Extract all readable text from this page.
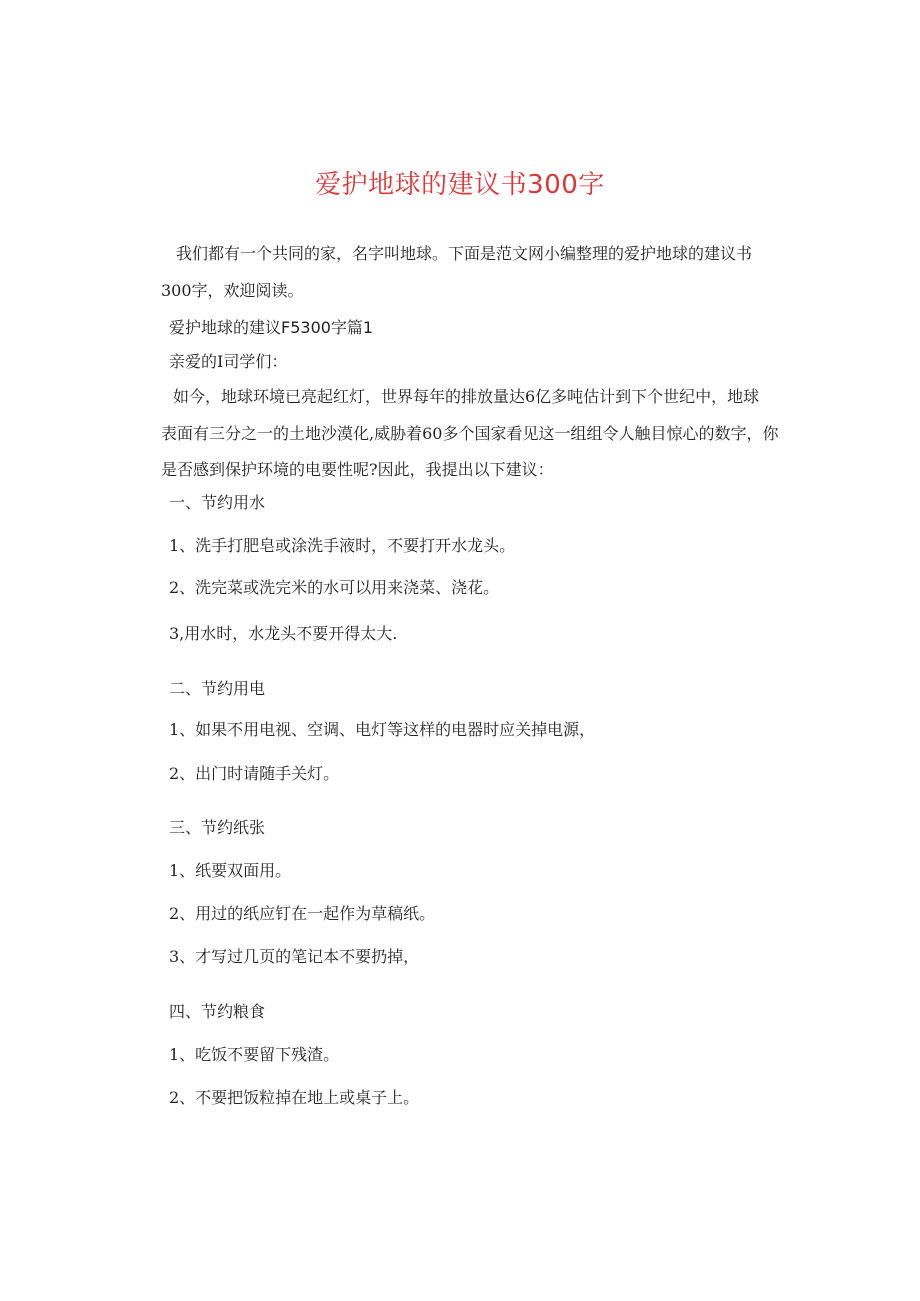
爱护地球的建议书300字
我们都有一个共同的家，名字叫地球。下面是范文网小编整理的爱护地球的建议书
300字，欢迎阅读。
爱护地球的建议F5300字篇1
亲爱的I司学们：
如今，地球环境已亮起红灯，世界每年的排放量达6亿多吨估计到下个世纪中，地球
表面有三分之一的土地沙漠化,威胁着60多个国家看见这一组组令人触目惊心的数字，你
是否感到保护环境的电要性呢?因此，我提出以下建议：
一、节约用水
1、洗手打肥皂或涂洗手液时，不要打开水龙头。
2、洗完菜或洗完米的水可以用来浇菜、浇花。
3,用水时，水龙头不要开得太大.
二、节约用电
1、如果不用电视、空调、电灯等这样的电器时应关掉电源，
2、出门时请随手关灯。
三、节约纸张
1、纸要双面用。
2、用过的纸应钉在一起作为草稿纸。
3、才写过几页的笔记本不要扔掉，
四、节约粮食
1、吃饭不要留下残渣。
2、不要把饭粒掉在地上或桌子上。
